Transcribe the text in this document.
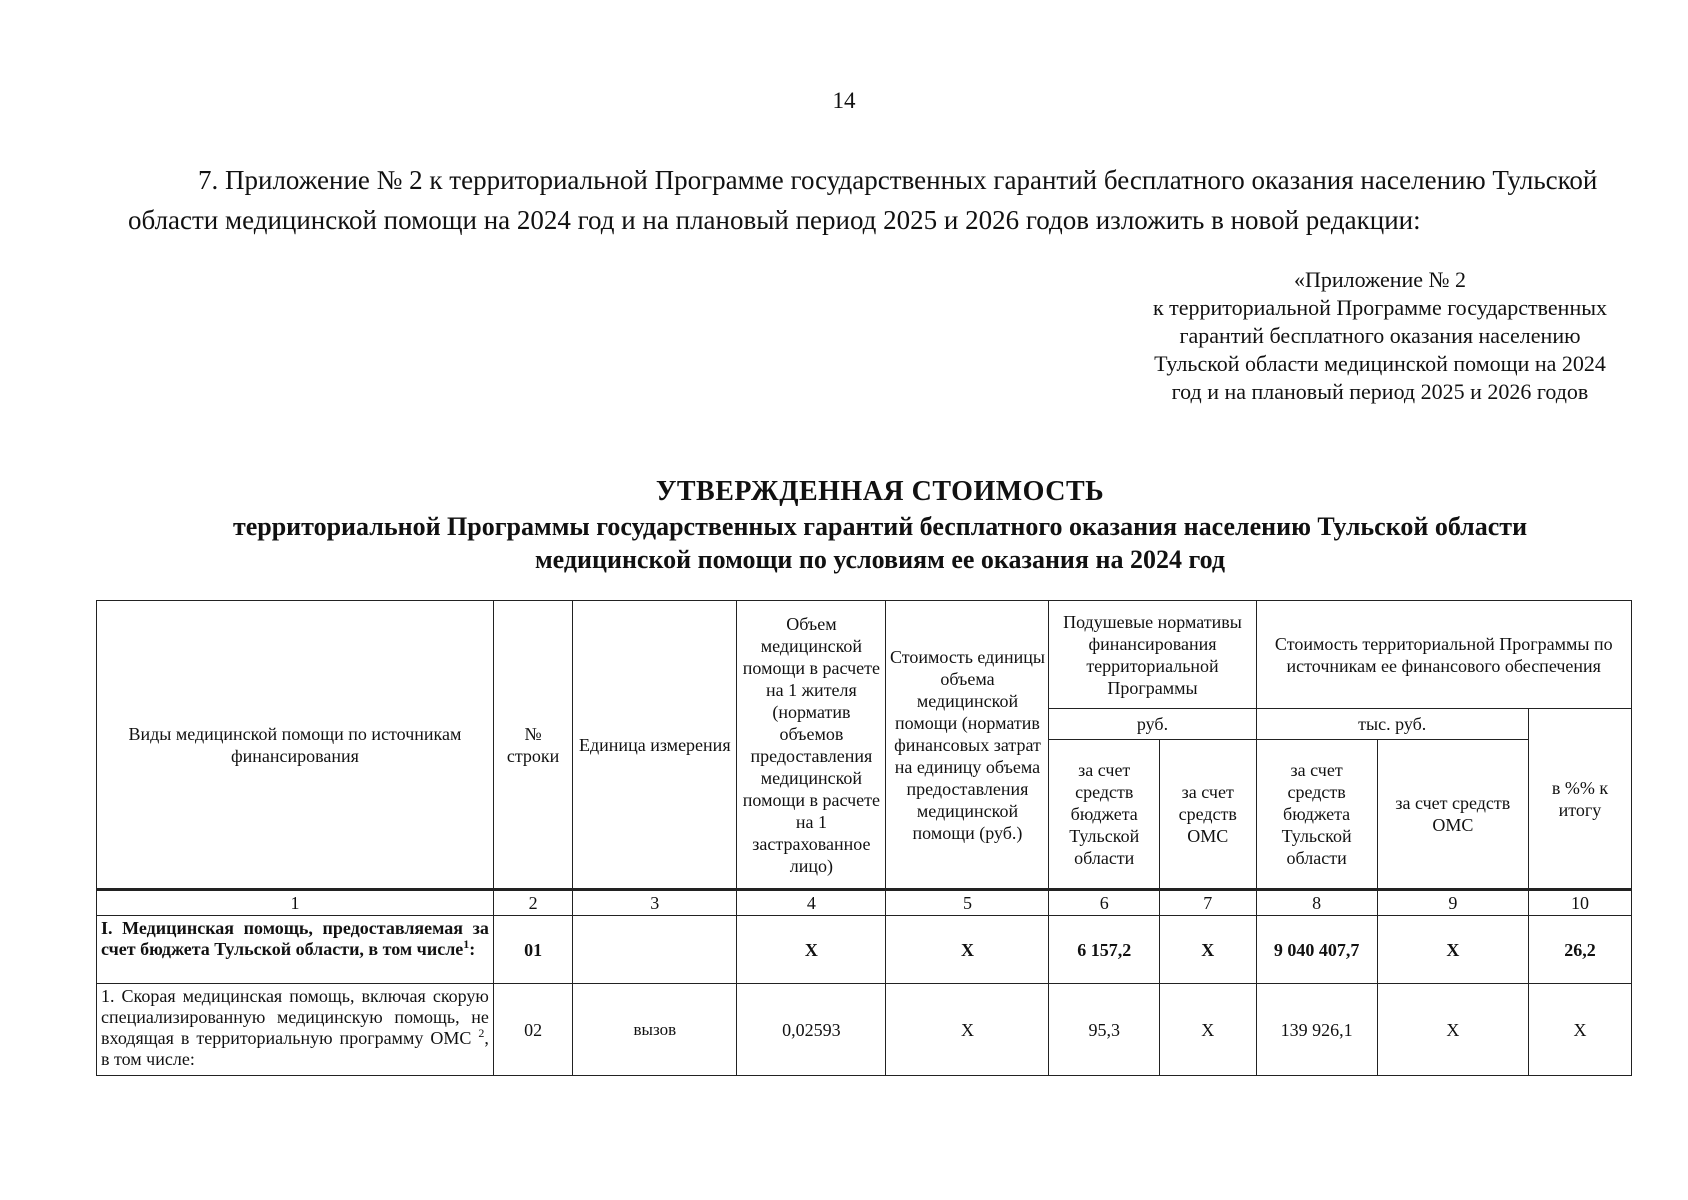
14
7. Приложение № 2 к территориальной Программе государственных гарантий бесплатного оказания населению Тульской области медицинской помощи на 2024 год и на плановый период 2025 и 2026 годов изложить в новой редакции:
«Приложение № 2
к территориальной Программе государственных
гарантий бесплатного оказания населению
Тульской области медицинской помощи на 2024
год и на плановый период 2025 и 2026 годов
УТВЕРЖДЕННАЯ СТОИМОСТЬ
территориальной Программы государственных гарантий бесплатного оказания населению Тульской области
медицинской помощи по условиям ее оказания на 2024 год
Виды медицинской помощи по источникам финансирования	№ строки	Единица измерения	Объем медицинской помощи в расчете на 1 жителя (норматив объемов предоставления медицинской помощи в расчете на 1 застрахованное лицо)	Стоимость единицы объема медицинской помощи (норматив финансовых затрат на единицу объема предоставления медицинской помощи (руб.)	Подушевые нормативы финансирования территориальной Программы		Стоимость территориальной Программы по источникам ее финансового обеспечения		
					руб.		тыс. руб.		в %% к итогу
					за счет средств бюджета Тульской области	за счет средств ОМС	за счет средств бюджета Тульской области	за счет средств ОМС	
1	2	3	4	5	6	7	8	9	10
I. Медицинская помощь, предоставляемая за счет бюджета Тульской области, в том числе$^1$:	01		Х	Х	6 157,2	Х	9 040 407,7	Х	26,2
1. Скорая медицинская помощь, включая скорую специализированную медицинскую помощь, не входящая в территориальную программу ОМС $^2$, в том числе:	02	вызов	0,02593	Х	95,3	Х	139 926,1	Х	Х
